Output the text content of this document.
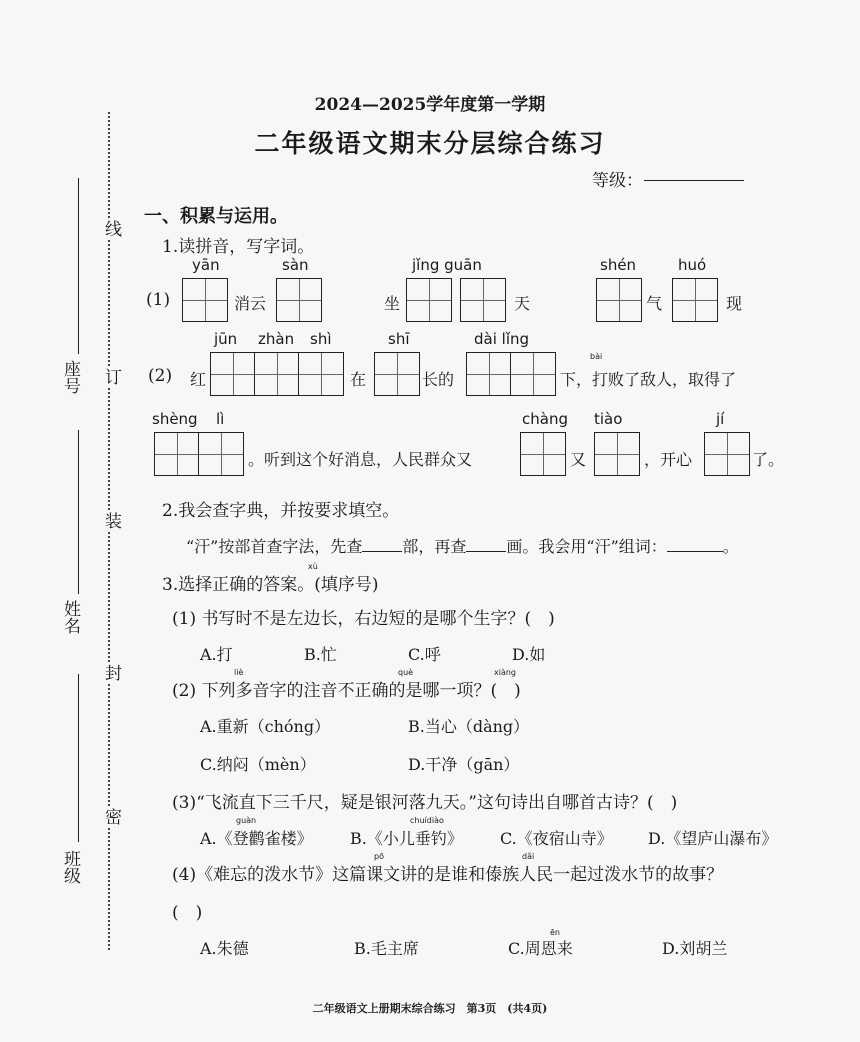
线
订
装
封
密
座号
姓名
班级
2024—2025学年度第一学期
二年级语文期末分层综合练习
等级：
一、积累与运用。
1.读拼音，写字词。
yān	sàn	jǐng guān	shén	huó
(1)	消云	坐	天	气	现
jūn zhàn shì	shī	dài lǐng
bài
(2) 红	在	长的	下，打败了敌人，取得了
shèng lì	chàng tiào	jí
。听到这个好消息，人民群众又	又	，开心	了。
2.我会查字典，并按要求填空。
“汗”按部首查字法，先查	部，再查	画。我会用“汗”组词：	。
xù
3.选择正确的答案。(填序号)
(1) 书写时不是左边长，右边短的是哪个生字？(　)
A.打	B.忙	C.呼	D.如
liè	què	xiàng
(2) 下列多音字的注音不正确的是哪一项？(　)
A.重新（chóng）	B.当心（dàng）
C.纳闷（mèn）	D.干净（gān）
(3)“飞流直下三千尺，疑是银河落九天。”这句诗出自哪首古诗？(　)
guàn	chuídiào
A.《登鹳雀楼》 B.《小儿垂钓》 C.《夜宿山寺》 D.《望庐山瀑布》
pō	dǎi
(4)《难忘的泼水节》这篇课文讲的是谁和傣族人民一起过泼水节的故事？
(　)
ēn
A.朱德	B.毛主席	C.周恩来	D.刘胡兰
二年级语文上册期末综合练习　第3页　(共4页)
